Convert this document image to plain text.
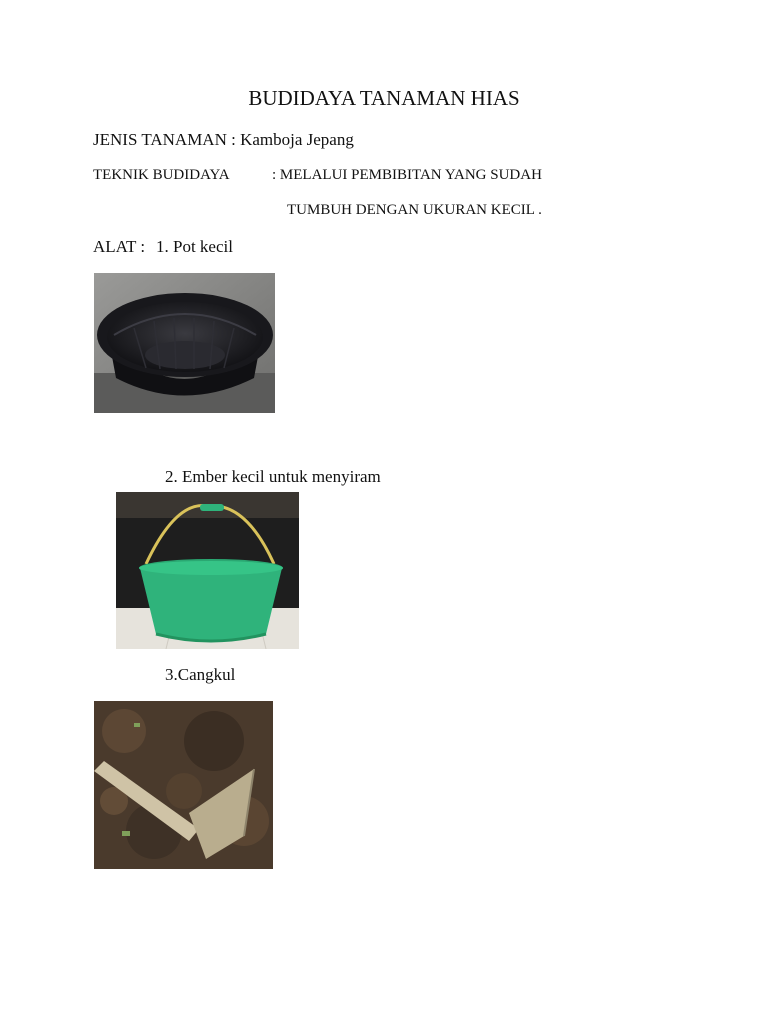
BUDIDAYA TANAMAN HIAS
JENIS TANAMAN : Kamboja Jepang
TEKNIK BUDIDAYA	: MELALUI PEMBIBITAN YANG SUDAH
TUMBUH DENGAN UKURAN KECIL .
ALAT : 1. Pot kecil
2. Ember kecil untuk menyiram
3.Cangkul
